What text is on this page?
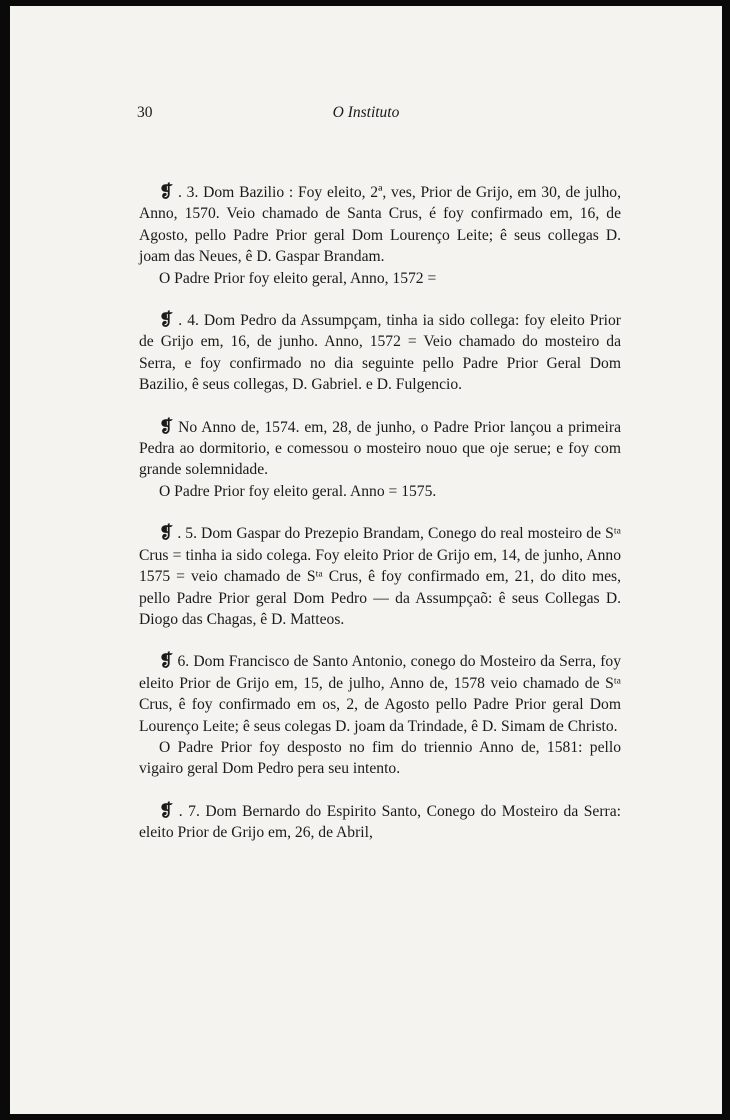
30	O Instituto

❡ . 3. Dom Bazilio : Foy eleito, 2ª, ves, Prior de Grijo, em 30, de julho, Anno, 1570. Veio chamado de Santa Crus, é foy confirmado em, 16, de Agosto, pello Padre Prior geral Dom Lourenço Leite; ê seus collegas D. joam das Neues, ê D. Gaspar Brandam.

O Padre Prior foy eleito geral, Anno, 1572 =

❡ . 4. Dom Pedro da Assumpçam, tinha ia sido collega: foy eleito Prior de Grijo em, 16, de junho. Anno, 1572 = Veio chamado do mosteiro da Serra, e foy confirmado no dia seguinte pello Padre Prior Geral Dom Bazilio, ê seus collegas, D. Gabriel. e D. Fulgencio.

❡ No Anno de, 1574. em, 28, de junho, o Padre Prior lançou a primeira Pedra ao dormitorio, e comessou o mosteiro nouo que oje serue; e foy com grande solemnidade.

O Padre Prior foy eleito geral. Anno = 1575.

❡ . 5. Dom Gaspar do Prezepio Brandam, Conego do real mosteiro de Sᵗᵃ Crus = tinha ia sido colega. Foy eleito Prior de Grijo em, 14, de junho, Anno 1575 = veio chamado de Sᵗᵃ Crus, ê foy confirmado em, 21, do dito mes, pello Padre Prior geral Dom Pedro — da Assumpçaõ: ê seus Collegas D. Diogo das Chagas, ê D. Matteos.

❡ 6. Dom Francisco de Santo Antonio, conego do Mosteiro da Serra, foy eleito Prior de Grijo em, 15, de julho, Anno de, 1578 veio chamado de Sᵗᵃ Crus, ê foy confirmado em os, 2, de Agosto pello Padre Prior geral Dom Lourenço Leite; ê seus colegas D. joam da Trindade, ê D. Simam de Christo.

O Padre Prior foy desposto no fim do triennio Anno de, 1581: pello vigairo geral Dom Pedro pera seu intento.

❡ . 7. Dom Bernardo do Espirito Santo, Conego do Mosteiro da Serra: eleito Prior de Grijo em, 26, de Abril,
